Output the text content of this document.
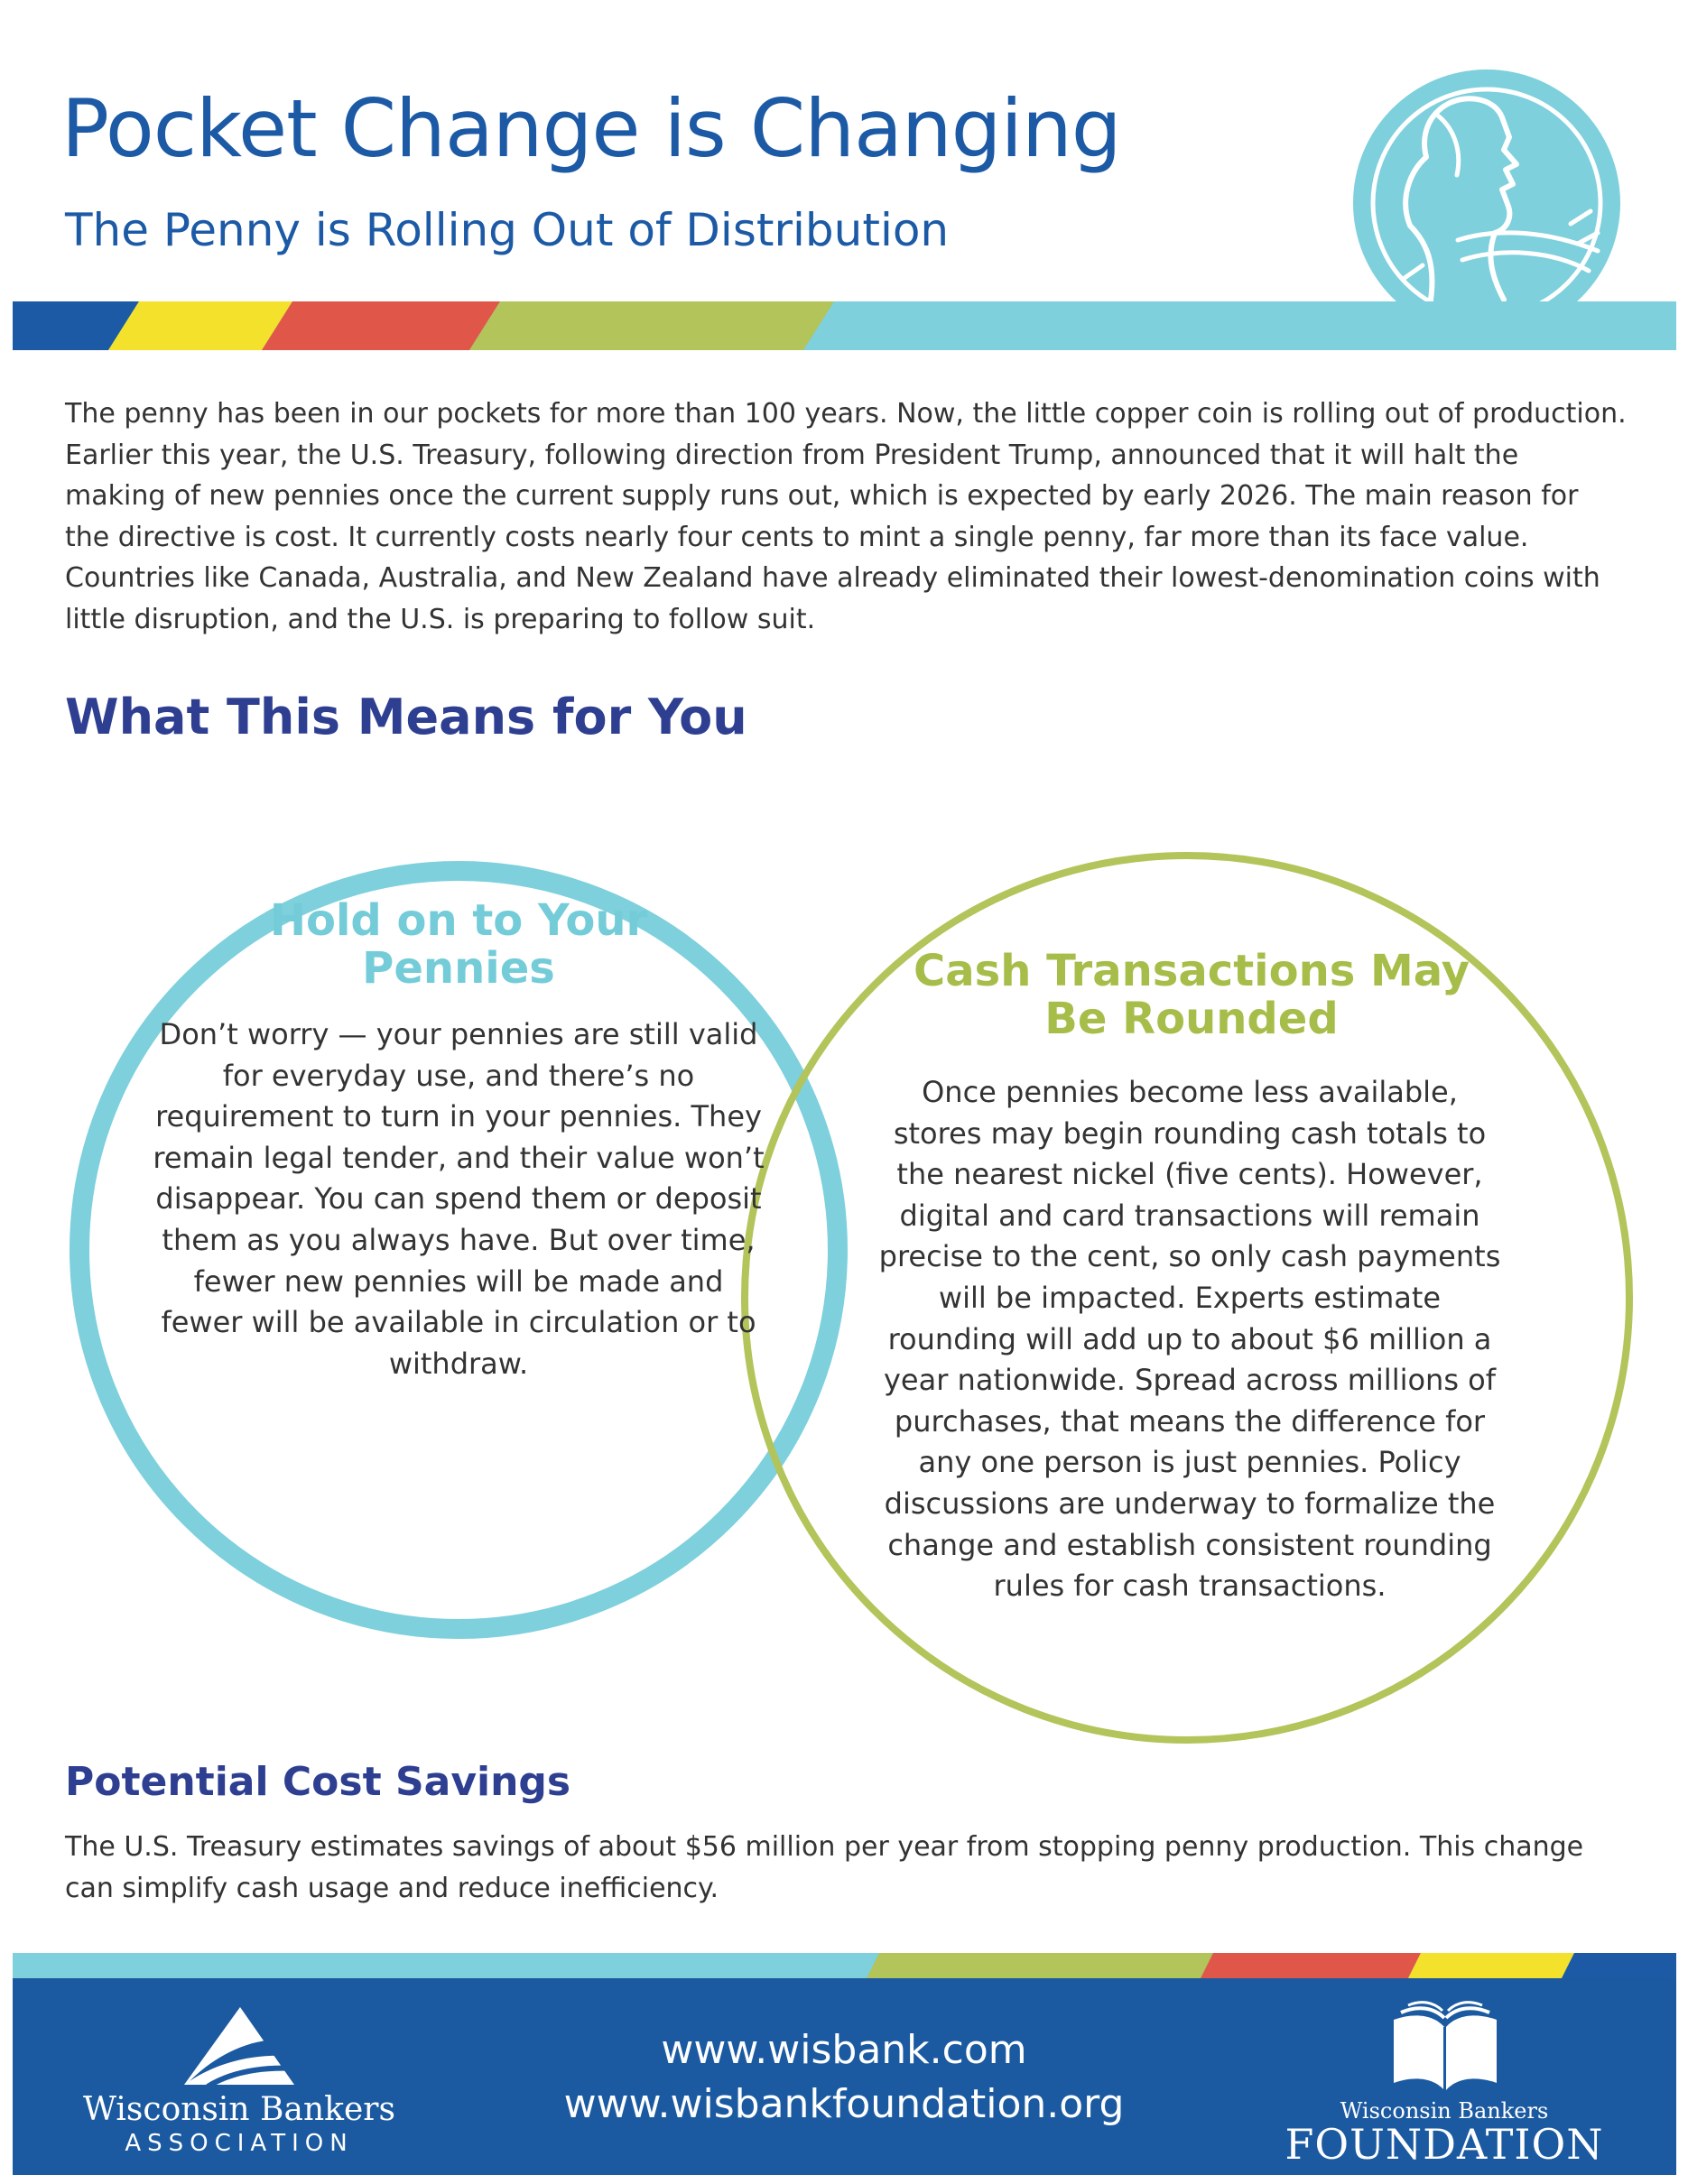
Pocket Change is Changing
The Penny is Rolling Out of Distribution

The penny has been in our pockets for more than 100 years. Now, the little copper coin is rolling out of production. Earlier this year, the U.S. Treasury, following direction from President Trump, announced that it will halt the making of new pennies once the current supply runs out, which is expected by early 2026. The main reason for the directive is cost. It currently costs nearly four cents to mint a single penny, far more than its face value. Countries like Canada, Australia, and New Zealand have already eliminated their lowest-denomination coins with little disruption, and the U.S. is preparing to follow suit.

What This Means for You
Hold on to Your Pennies

Don’t worry — your pennies are still valid for everyday use, and there’s no requirement to turn in your pennies. They remain legal tender, and their value won’t disappear. You can spend them or deposit them as you always have. But over time, fewer new pennies will be made and fewer will be available in circulation or to withdraw.

Cash Transactions May Be Rounded

Once pennies become less available, stores may begin rounding cash totals to the nearest nickel (five cents). However, digital and card transactions will remain precise to the cent, so only cash payments will be impacted. Experts estimate rounding will add up to about $6 million a year nationwide. Spread across millions of purchases, that means the difference for any one person is just pennies. Policy discussions are underway to formalize the change and establish consistent rounding rules for cash transactions.

Potential Cost Savings

The U.S. Treasury estimates savings of about $56 million per year from stopping penny production. This change can simplify cash usage and reduce inefficiency.

Wisconsin Bankers
ASSOCIATION
www.wisbank.com
www.wisbankfoundation.org	Wisconsin Bankers
FOUNDATION
